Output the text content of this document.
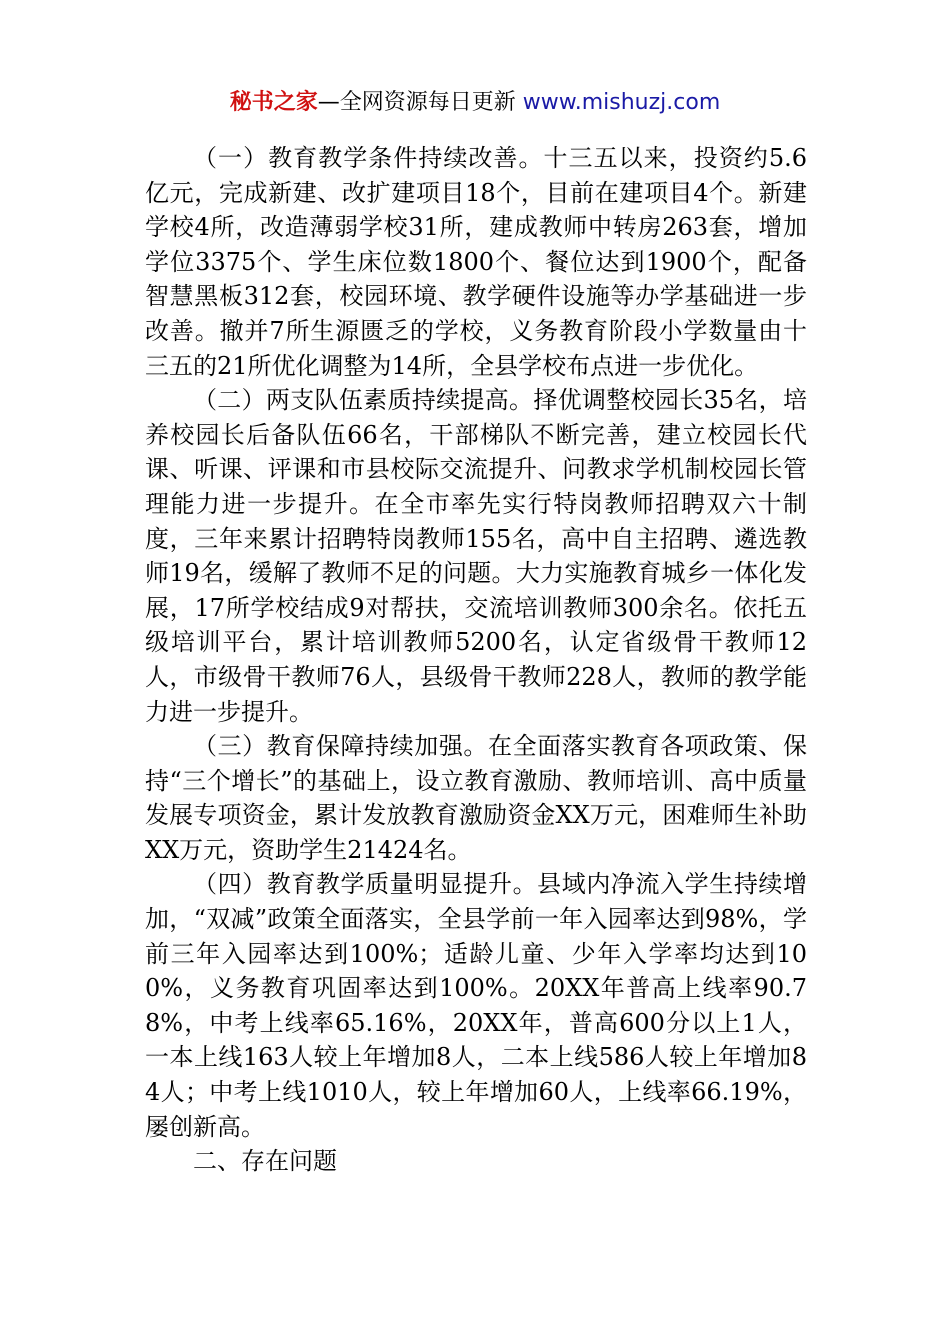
秘书之家—全网资源每日更新 www.mishuzj.com

（一）教育教学条件持续改善。十三五以来，投资约5.6亿元，完成新建、改扩建项目18个，目前在建项目4个。新建学校4所，改造薄弱学校31所，建成教师中转房263套，增加学位3375个、学生床位数1800个、餐位达到1900个，配备智慧黑板312套，校园环境、教学硬件设施等办学基础进一步改善。撤并7所生源匮乏的学校，义务教育阶段小学数量由十三五的21所优化调整为14所，全县学校布点进一步优化。

（二）两支队伍素质持续提高。择优调整校园长35名，培养校园长后备队伍66名，干部梯队不断完善，建立校园长代课、听课、评课和市县校际交流提升、问教求学机制校园长管理能力进一步提升。在全市率先实行特岗教师招聘双六十制度，三年来累计招聘特岗教师155名，高中自主招聘、遴选教师19名，缓解了教师不足的问题。大力实施教育城乡一体化发展，17所学校结成9对帮扶，交流培训教师300余名。依托五级培训平台，累计培训教师5200名，认定省级骨干教师12人，市级骨干教师76人，县级骨干教师228人，教师的教学能力进一步提升。

（三）教育保障持续加强。在全面落实教育各项政策、保持“三个增长”的基础上，设立教育激励、教师培训、高中质量发展专项资金，累计发放教育激励资金XX万元，困难师生补助XX万元，资助学生21424名。

（四）教育教学质量明显提升。县域内净流入学生持续增加，“双减”政策全面落实，全县学前一年入园率达到98%，学前三年入园率达到100%；适龄儿童、少年入学率均达到100%，义务教育巩固率达到100%。20XX年普高上线率90.78%，中考上线率65.16%，20XX年，普高600分以上1人，一本上线163人较上年增加8人，二本上线586人较上年增加84人；中考上线1010人，较上年增加60人，上线率66.19%，屡创新高。

二、存在问题
